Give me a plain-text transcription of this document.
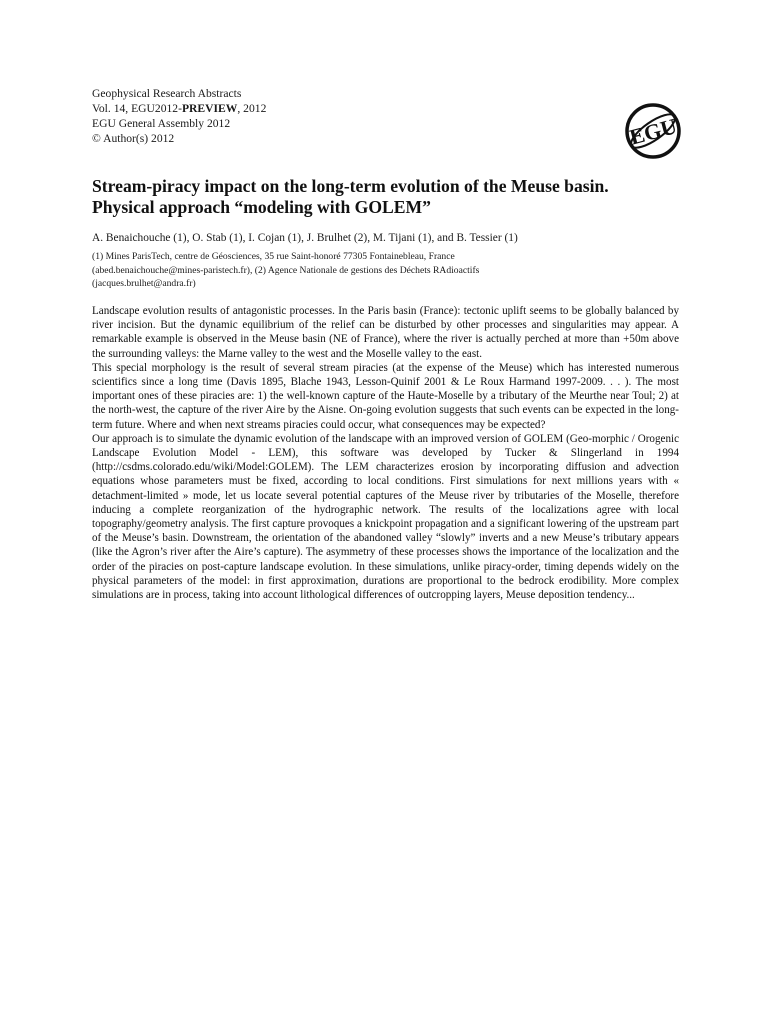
Geophysical Research Abstracts
Vol. 14, EGU2012-PREVIEW, 2012
EGU General Assembly 2012
© Author(s) 2012	EGU
Stream-piracy impact on the long-term evolution of the Meuse basin.
Physical approach “modeling with GOLEM”
A. Benaichouche (1), O. Stab (1), I. Cojan (1), J. Brulhet (2), M. Tijani (1), and B. Tessier (1)
(1) Mines ParisTech, centre de Géosciences, 35 rue Saint-honoré 77305 Fontainebleau, France
(abed.benaichouche@mines-paristech.fr), (2) Agence Nationale de gestions des Déchets RAdioactifs
(jacques.brulhet@andra.fr)

Landscape evolution results of antagonistic processes. In the Paris basin (France): tectonic uplift seems to be globally balanced by river incision. But the dynamic equilibrium of the relief can be disturbed by other processes and singularities may appear. A remarkable example is observed in the Meuse basin (NE of France), where the river is actually perched at more than +50m above the surrounding valleys: the Marne valley to the west and the Moselle valley to the east.

This special morphology is the result of several stream piracies (at the expense of the Meuse) which has interested numerous scientifics since a long time (Davis 1895, Blache 1943, Lesson-Quinif 2001 & Le Roux Harmand 1997-2009. . . ). The most important ones of these piracies are: 1) the well-known capture of the Haute-Moselle by a tributary of the Meurthe near Toul; 2) at the north-west, the capture of the river Aire by the Aisne. On-going evolution suggests that such events can be expected in the long-term future. Where and when next streams piracies could occur, what consequences may be expected?

Our approach is to simulate the dynamic evolution of the landscape with an improved version of GOLEM (Geo-morphic / Orogenic Landscape Evolution Model - LEM), this software was developed by Tucker & Slingerland in 1994 (http://csdms.colorado.edu/wiki/Model:GOLEM). The LEM characterizes erosion by incorporating diffusion and advection equations whose parameters must be fixed, according to local conditions. First simulations for next millions years with « detachment-limited » mode, let us locate several potential captures of the Meuse river by tributaries of the Moselle, therefore inducing a complete reorganization of the hydrographic network. The results of the localizations agree with local topography/geometry analysis. The first capture provoques a knickpoint propagation and a significant lowering of the upstream part of the Meuse’s basin. Downstream, the orientation of the abandoned valley “slowly” inverts and a new Meuse’s tributary appears (like the Agron’s river after the Aire’s capture). The asymmetry of these processes shows the importance of the localization and the order of the piracies on post-capture landscape evolution. In these simulations, unlike piracy-order, timing depends widely on the physical parameters of the model: in first approximation, durations are proportional to the bedrock erodibility. More complex simulations are in process, taking into account lithological differences of outcropping layers, Meuse deposition tendency...
